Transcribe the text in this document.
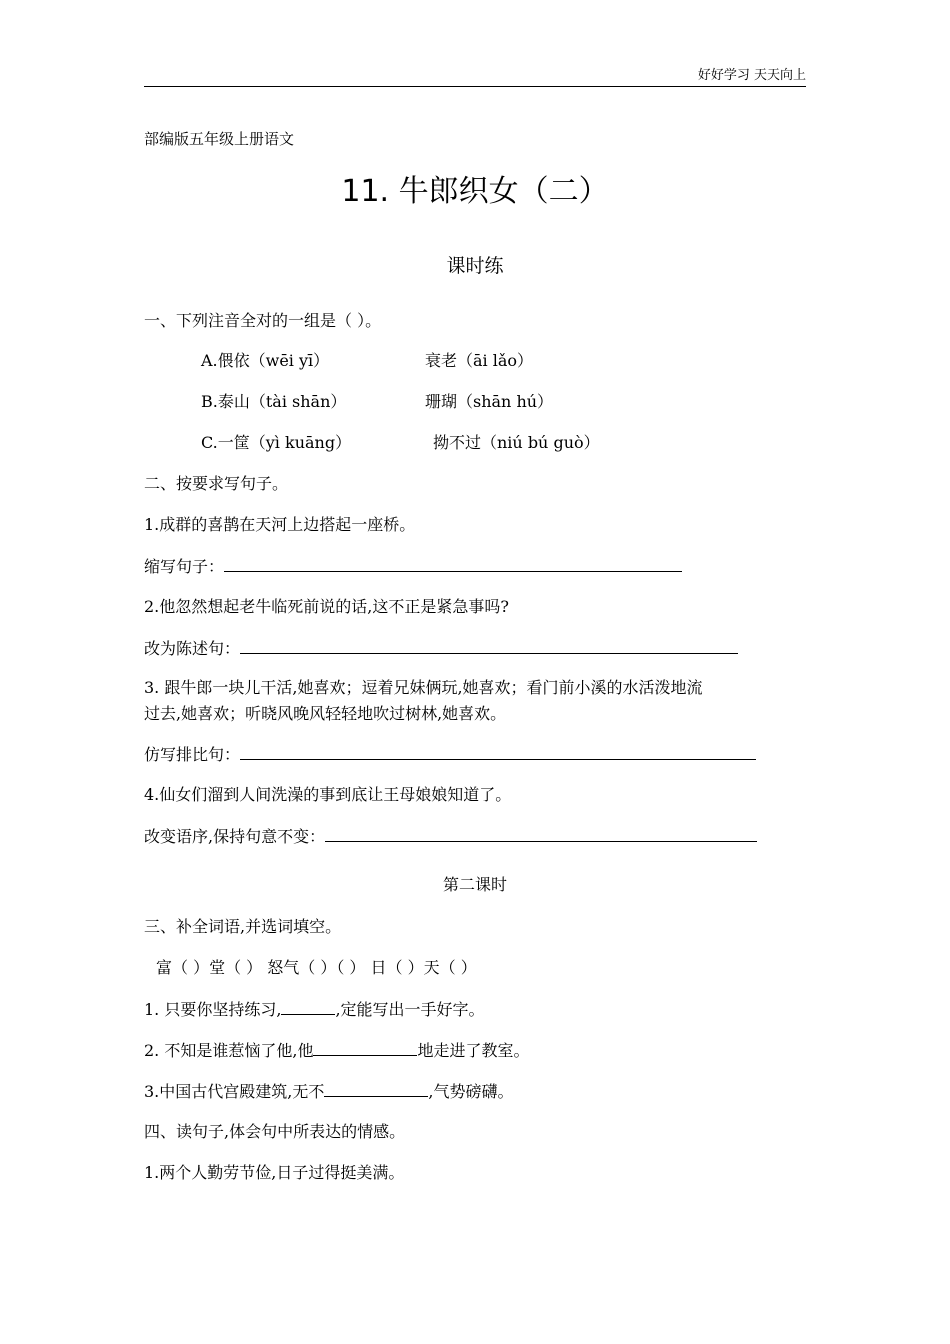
好好学习 天天向上
部编版五年级上册语文
11. 牛郎织女（二）
课时练
一、下列注音全对的一组是（ ）。
A.偎依（wēi yī）	衰老（āi lǎo）
B.泰山（tài shān）	珊瑚（shān hú）
C.一筐（yì kuāng）	拗不过（niú bú guò）
二、按要求写句子。
1.成群的喜鹊在天河上边搭起一座桥。
缩写句子：
2.他忽然想起老牛临死前说的话,这不正是紧急事吗?
改为陈述句：
3. 跟牛郎一块儿干活,她喜欢；逗着兄妹俩玩,她喜欢；看门前小溪的水活泼地流
过去,她喜欢；听晓风晚风轻轻地吹过树林,她喜欢。
仿写排比句：
4.仙女们溜到人间洗澡的事到底让王母娘娘知道了。
改变语序,保持句意不变：
第二课时
三、补全词语,并选词填空。
富（ ）堂（ ） 怒气（ ）（ ） 日（ ）天（ ）
1. 只要你坚持练习,	,定能写出一手好字。
2. 不知是谁惹恼了他,他	地走进了教室。
3.中国古代宫殿建筑,无不	,气势磅礴。
四、读句子,体会句中所表达的情感。
1.两个人勤劳节俭,日子过得挺美满。
